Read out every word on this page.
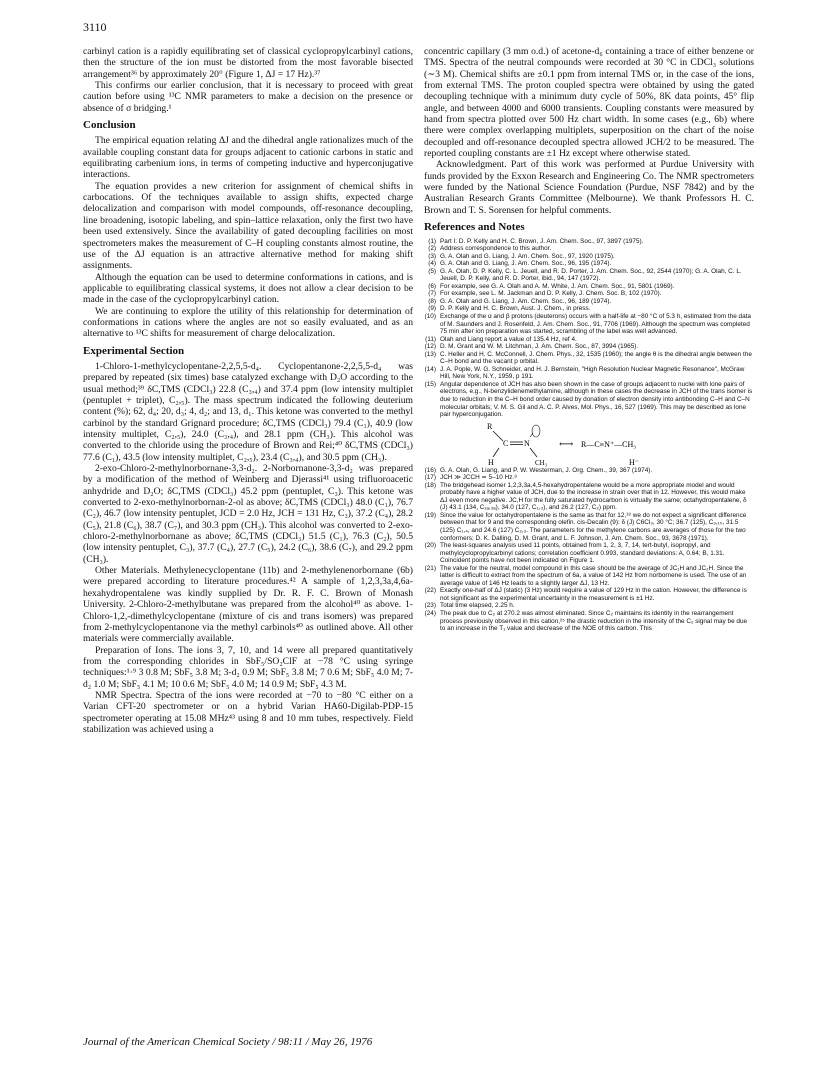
3110

carbinyl cation is a rapidly equilibrating set of classical cyclopropylcarbinyl cations, then the structure of the ion must be distorted from the most favorable bisected arrangement³⁶ by approximately 20° (Figure 1, ΔJ = 17 Hz).³⁷

This confirms our earlier conclusion, that it is necessary to proceed with great caution before using ¹³C NMR parameters to make a decision on the presence or absence of σ bridging.¹

Conclusion

The empirical equation relating ΔJ and the dihedral angle rationalizes much of the available coupling constant data for groups adjacent to cationic carbons in static and equilibrating carbenium ions, in terms of competing inductive and hyperconjugative interactions.

The equation provides a new criterion for assignment of chemical shifts in carbocations. Of the techniques available to assign shifts, expected charge delocalization and comparison with model compounds, off-resonance decoupling, line broadening, isotopic labeling, and spin–lattice relaxation, only the first two have been used extensively. Since the availability of gated decoupling facilities on most spectrometers makes the measurement of C–H coupling constants almost routine, the use of the ΔJ equation is an attractive alternative method for making shift assignments.

Although the equation can be used to determine conformations in cations, and is applicable to equilibrating classical systems, it does not allow a clear decision to be made in the case of the cyclopropylcarbinyl cation.

We are continuing to explore the utility of this relationship for determination of conformations in cations where the angles are not so easily evaluated, and as an alternative to ¹³C shifts for measurement of charge delocalization.

Experimental Section

1-Chloro-1-methylcyclopentane-2,2,5,5-d₄. Cyclopentanone-2,2,5,5-d₄ was prepared by repeated (six times) base catalyzed exchange with D₂O according to the usual method;³⁹ δC,TMS (CDCl₃) 22.8 (C₃,₄) and 37.4 ppm (low intensity multiplet (pentuplet + triplet), C₂,₅). The mass spectrum indicated the following deuterium content (%); 62, d₄; 20, d₃; 4, d₂; and 13, d₁. This ketone was converted to the methyl carbinol by the standard Grignard procedure; δC,TMS (CDCl₃) 79.4 (C₁), 40.9 (low intensity multiplet, C₂,₅), 24.0 (C₃,₄), and 28.1 ppm (CH₃). This alcohol was converted to the chloride using the procedure of Brown and Rei;⁴⁰ δC,TMS (CDCl₃) 77.6 (C₁), 43.5 (low intensity multiplet, C₂,₅), 23.4 (C₃,₄), and 30.5 ppm (CH₃).

2-exo-Chloro-2-methylnorbornane-3,3-d₂. 2-Norbornanone-3,3-d₂ was prepared by a modification of the method of Weinberg and Djerassi⁴¹ using trifluoroacetic anhydride and D₂O; δC,TMS (CDCl₃) 45.2 ppm (pentuplet, C₃). This ketone was converted to 2-exo-methylnorbornan-2-ol as above; δC,TMS (CDCl₃) 48.0 (C₁), 76.7 (C₂), 46.7 (low intensity pentuplet, JCD = 2.0 Hz, JCH = 131 Hz, C₃), 37.2 (C₄), 28.2 (C₅), 21.8 (C₆), 38.7 (C₇), and 30.3 ppm (CH₃). This alcohol was converted to 2-exo-chloro-2-methylnorbornane as above; δC,TMS (CDCl₃) 51.5 (C₁), 76.3 (C₂), 50.5 (low intensity pentuplet, C₃), 37.7 (C₄), 27.7 (C₅), 24.2 (C₆), 38.6 (C₇), and 29.2 ppm (CH₃).

Other Materials. Methylenecyclopentane (11b) and 2-methylenenorbornane (6b) were prepared according to literature procedures.⁴² A sample of 1,2,3,3a,4,6a-hexahydropentalene was kindly supplied by Dr. R. F. C. Brown of Monash University. 2-Chloro-2-methylbutane was prepared from the alcohol⁴⁰ as above. 1-Chloro-1,2,-dimethylcyclopentane (mixture of cis and trans isomers) was prepared from 2-methylcyclopentanone via the methyl carbinols⁴⁰ as outlined above. All other materials were commercially available.

Preparation of Ions. The ions 3, 7, 10, and 14 were all prepared quantitatively from the corresponding chlorides in SbF₅/SO₂ClF at −78 °C using syringe techniques:¹·⁹ 3 0.8 M; SbF₅ 3.8 M; 3-d₂ 0.9 M; SbF₅ 3.8 M; 7 0.6 M; SbF₅ 4.0 M; 7-d₂ 1.0 M; SbF₅ 4.1 M; 10 0.6 M; SbF₅ 4.0 M; 14 0.9 M; SbF₅ 4.3 M.

NMR Spectra. Spectra of the ions were recorded at −70 to −80 °C either on a Varian CFT-20 spectrometer or on a hybrid Varian HA60-Digilab-PDP-15 spectrometer operating at 15.08 MHz⁴³ using 8 and 10 mm tubes, respectively. Field stabilization was achieved using a

concentric capillary (3 mm o.d.) of acetone-d₆ containing a trace of either benzene or TMS. Spectra of the neutral compounds were recorded at 30 °C in CDCl₃ solutions (∼3 M). Chemical shifts are ±0.1 ppm from internal TMS or, in the case of the ions, from external TMS. The proton coupled spectra were obtained by using the gated decoupling technique with a minimum duty cycle of 50%, 8K data points, 45° flip angle, and between 4000 and 6000 transients. Coupling constants were measured by hand from spectra plotted over 500 Hz chart width. In some cases (e.g., 6b) where there were complex overlapping multiplets, superposition on the chart of the noise decoupled and off-resonance decoupled spectra allowed JCH/2 to be measured. The reported coupling constants are ±1 Hz except where otherwise stated.

Acknowledgment. Part of this work was performed at Purdue University with funds provided by the Exxon Research and Engineering Co. The NMR spectrometers were funded by the National Science Foundation (Purdue, NSF 7842) and by the Australian Research Grants Committee (Melbourne). We thank Professors H. C. Brown and T. S. Sorensen for helpful comments.

References and Notes
(1) Part I: D. P. Kelly and H. C. Brown, J. Am. Chem. Soc., 97, 3897 (1975).
(2) Address correspondence to this author.
(3) G. A. Olah and G. Liang, J. Am. Chem. Soc., 97, 1920 (1975).
(4) G. A. Olah and G. Liang, J. Am. Chem. Soc., 96, 195 (1974).
(5) G. A. Olah, D. P. Kelly, C. L. Jeuell, and R. D. Porter, J. Am. Chem. Soc., 92, 2544 (1970); G. A. Olah, C. L. Jeuell, D. P. Kelly, and R. D. Porter, ibid., 94, 147 (1972).
(6) For example, see G. A. Olah and A. M. White, J. Am. Chem. Soc., 91, 5801 (1969).
(7) For example, see L. M. Jackman and D. P. Kelly, J. Chem. Soc. B, 102 (1970).
(8) G. A. Olah and G. Liang, J. Am. Chem. Soc., 96, 189 (1974).
(9) D. P. Kelly and H. C. Brown, Aust. J. Chem., in press.
(10) Exchange of the α and β protons (deuterons) occurs with a half-life at −80 °C of 5.3 h, estimated from the data of M. Saunders and J. Rosenfeld, J. Am. Chem. Soc., 91, 7706 (1969). Although the spectrum was completed 75 min after ion preparation was started, scrambling of the label was well advanced.
(11) Olah and Liang report a value of 135.4 Hz, ref 4.
(12) D. M. Grant and W. M. Litchman, J. Am. Chem. Soc., 87, 3994 (1965).
(13) C. Heller and H. C. McConnell, J. Chem. Phys., 32, 1535 (1960); the angle θ is the dihedral angle between the C–H bond and the vacant p orbital.
(14) J. A. Pople, W. G. Schneider, and H. J. Bernstein, "High Resolution Nuclear Magnetic Resonance", McGraw Hill, New York, N.Y., 1959, p 191.
(15) Angular dependence of JCH has also been shown in the case of groups adjacent to nuclei with lone pairs of electrons, e.g., N-benzylidenemethylamine, although in these cases the decrease in JCH of the trans isomer is due to reduction in the C–H bond order caused by donation of electron density into antibonding C–H and C–N molecular orbitals; V. M. S. Gil and A. C. P. Alves, Mol. Phys., 16, 527 (1969). This may be described as lone pair hyperconjugation.
R
C N
H	CH₃
⟷ R—C≡N⁺—CH₃
H⁻
(16) G. A. Olah, G. Liang, and P. W. Westerman, J. Org. Chem., 39, 367 (1974).
(17) JCH ≫ JCCH ≃ 5–10 Hz.⁸
(18) The bridgehead isomer 1,2,3,3a,4,5-hexahydropentalene would be a more appropriate model and would probably have a higher value of JCH, due to the increase in strain over that in 12. However, this would make ΔJ even more negative. JC,H for the fully saturated hydrocarbon is virtually the same; octahydropentalene, δ (J) 43.1 (134, C₁ₐ,₃ₐ), 34.0 (127, C₁,₃), and 26.2 (127, C₂) ppm.
(19) Since the value for octahydropentalene is the same as that for 12,¹⁸ we do not expect a significant difference between that for 9 and the corresponding olefin. cis-Decalin (9): δ (J) C6Cl₃, 30 °C; 36.7 (125), C₉,₁₀, 31.5 (125) C₁,₄, and 24.6 (127) C₂,₃. The parameters for the methylene carbons are averages of those for the two conformers; D. K. Dalling, D. M. Grant, and L. F. Johnson, J. Am. Chem. Soc., 93, 3678 (1971).
(20) The least-squares analysis used 11 points, obtained from 1, 2, 3, 7, 14, tert-butyl, isopropyl, and methylcyclopropylcarbinyl cations; correlation coefficient 0.993, standard deviations: A, 0.64; B, 1.31. Coincident points have not been indicated on Figure 1.
(21) The value for the neutral, model compound in this case should be the average of JC₁H and JC₂H. Since the latter is difficult to extract from the spectrum of 6a, a value of 142 Hz from norbornene is used. The use of an average value of 146 Hz leads to a slightly larger ΔJ, 13 Hz.
(22) Exactly one-half of ΔJ (static) (3 Hz) would require a value of 129 Hz in the cation. However, the difference is not significant as the experimental uncertainty in the measurement is ±1 Hz.
(23) Total time elapsed, 2.25 h.
(24) The peak due to C₂ at 270.2 was almost eliminated. Since C₂ maintains its identity in the rearrangement process previously observed in this cation,²⁵ the drastic reduction in the intensity of the C₂ signal may be due to an increase in the T₁ value and decrease of the NOE of this carbon. This
Journal of the American Chemical Society / 98:11 / May 26, 1976
